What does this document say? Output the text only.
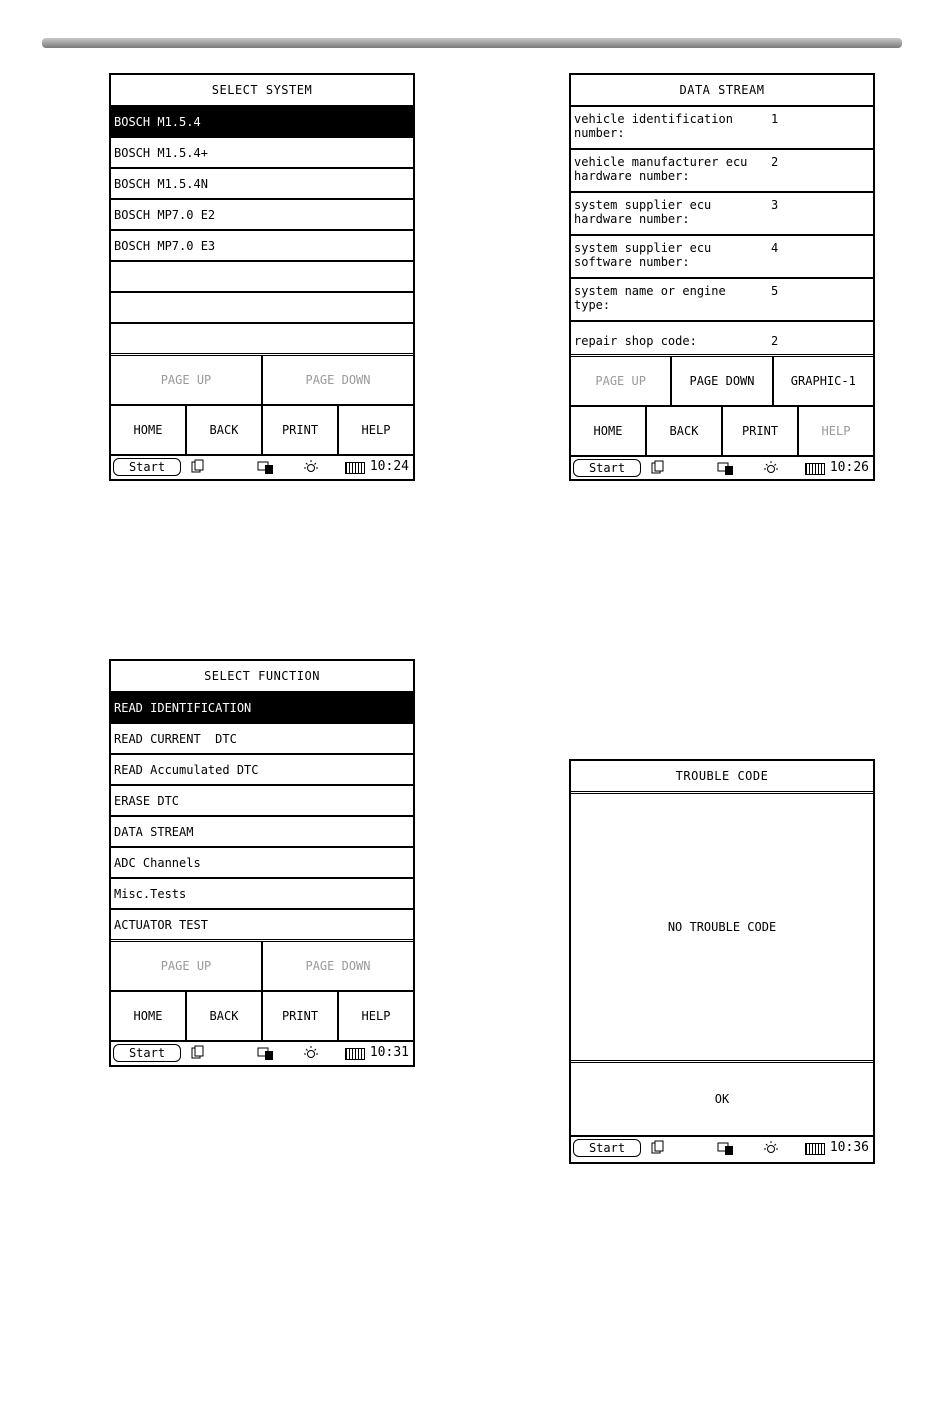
SELECT SYSTEM
BOSCH M1.5.4
BOSCH M1.5.4+
BOSCH M1.5.4N
BOSCH MP7.0 E2
BOSCH MP7.0 E3
PAGE UP	PAGE DOWN
HOME	BACK	PRINT	HELP
Start	10:24
DATA STREAM
vehicle identification number:
1
vehicle manufacturer ecu hardware number:
2
system supplier ecu hardware number:
3
system supplier ecu software number:
4
system name or engine type:
5
repair shop code:	2
PAGE UP	PAGE DOWN	GRAPHIC-1
HOME	BACK	PRINT	HELP
Start	10:26
SELECT FUNCTION
READ IDENTIFICATION
READ CURRENT  DTC
READ Accumulated DTC
ERASE DTC
DATA STREAM
ADC Channels
Misc.Tests
ACTUATOR TEST
PAGE UP	PAGE DOWN
HOME	BACK	PRINT	HELP
Start	10:31
TROUBLE CODE
NO TROUBLE CODE
OK
Start	10:36
